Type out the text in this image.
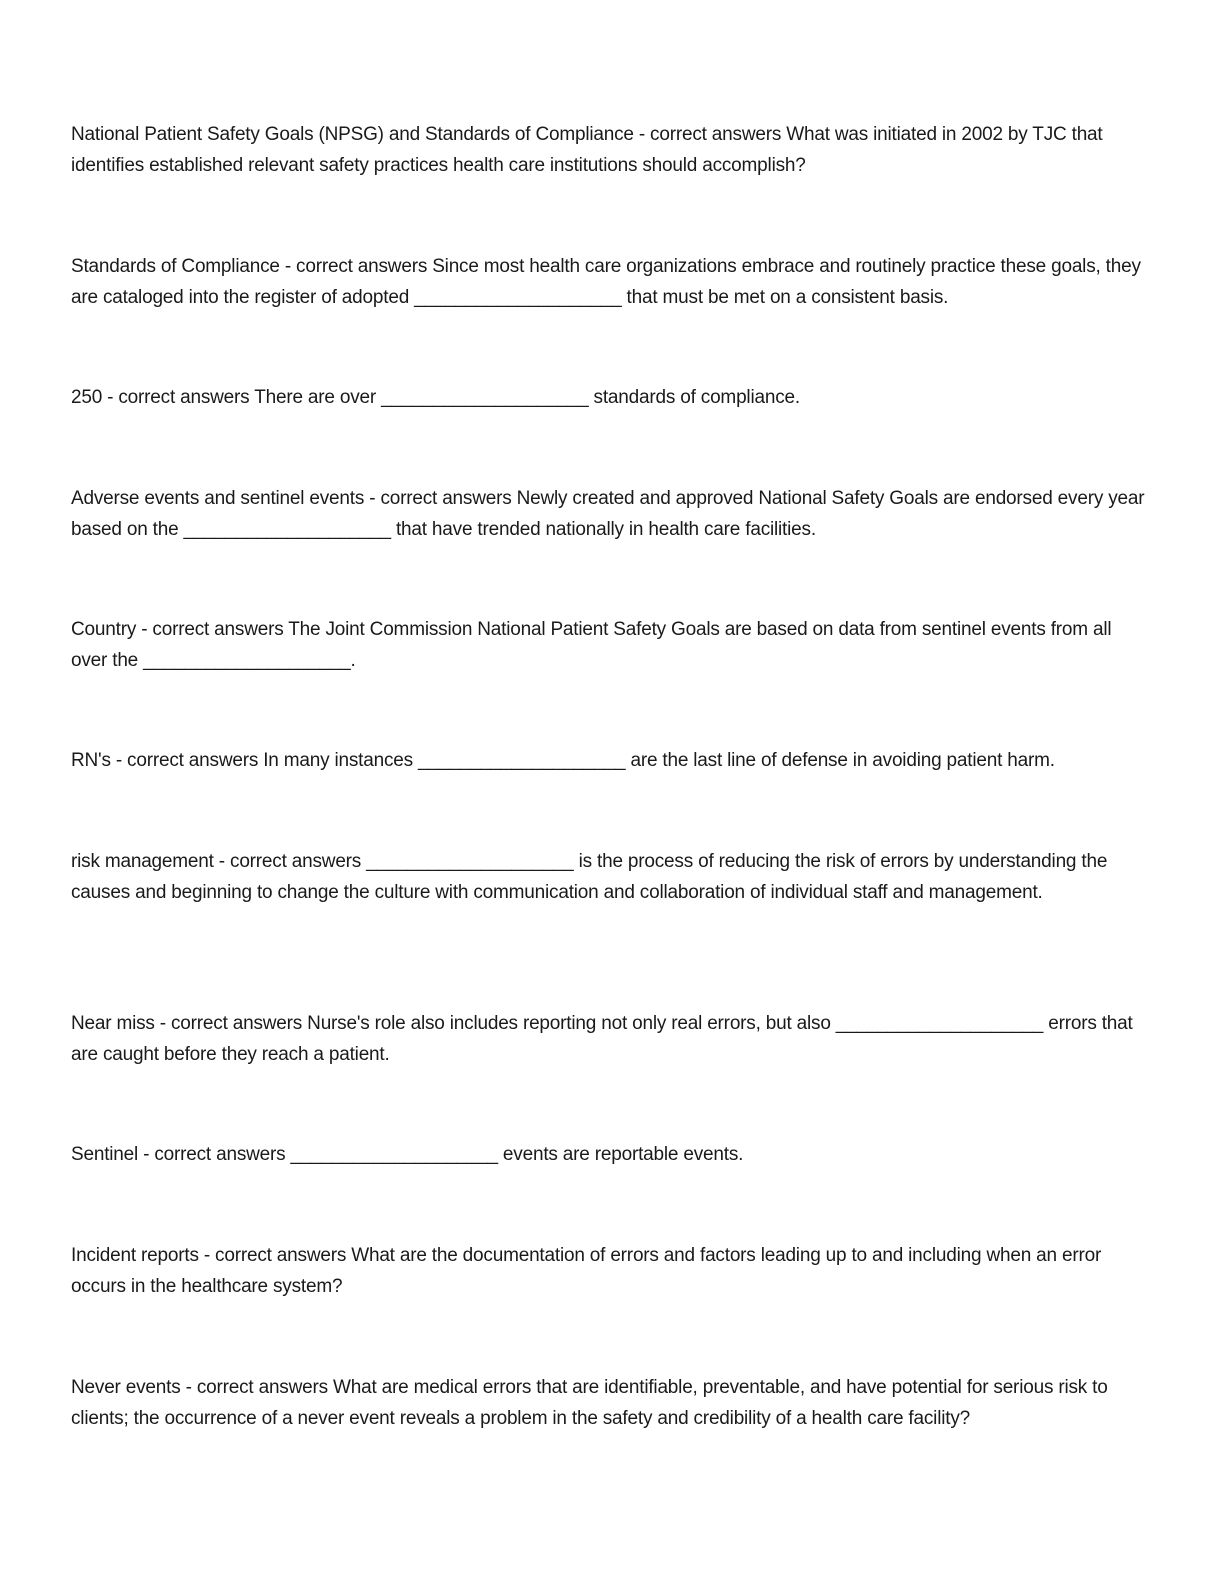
National Patient Safety Goals (NPSG) and Standards of Compliance - correct answers What was initiated in 2002 by TJC that identifies established relevant safety practices health care institutions should accomplish?

Standards of Compliance - correct answers Since most health care organizations embrace and routinely practice these goals, they are cataloged into the register of adopted ____________________ that must be met on a consistent basis.

250 - correct answers There are over ____________________ standards of compliance.

Adverse events and sentinel events - correct answers Newly created and approved National Safety Goals are endorsed every year based on the ____________________ that have trended nationally in health care facilities.

Country - correct answers The Joint Commission National Patient Safety Goals are based on data from sentinel events from all over the ____________________.

RN's - correct answers In many instances ____________________ are the last line of defense in avoiding patient harm.

risk management - correct answers ____________________ is the process of reducing the risk of errors by understanding the causes and beginning to change the culture with communication and collaboration of individual staff and management.

Near miss - correct answers Nurse's role also includes reporting not only real errors, but also ____________________ errors that are caught before they reach a patient.

Sentinel - correct answers ____________________ events are reportable events.

Incident reports - correct answers What are the documentation of errors and factors leading up to and including when an error occurs in the healthcare system?

Never events - correct answers What are medical errors that are identifiable, preventable, and have potential for serious risk to clients; the occurrence of a never event reveals a problem in the safety and credibility of a health care facility?
